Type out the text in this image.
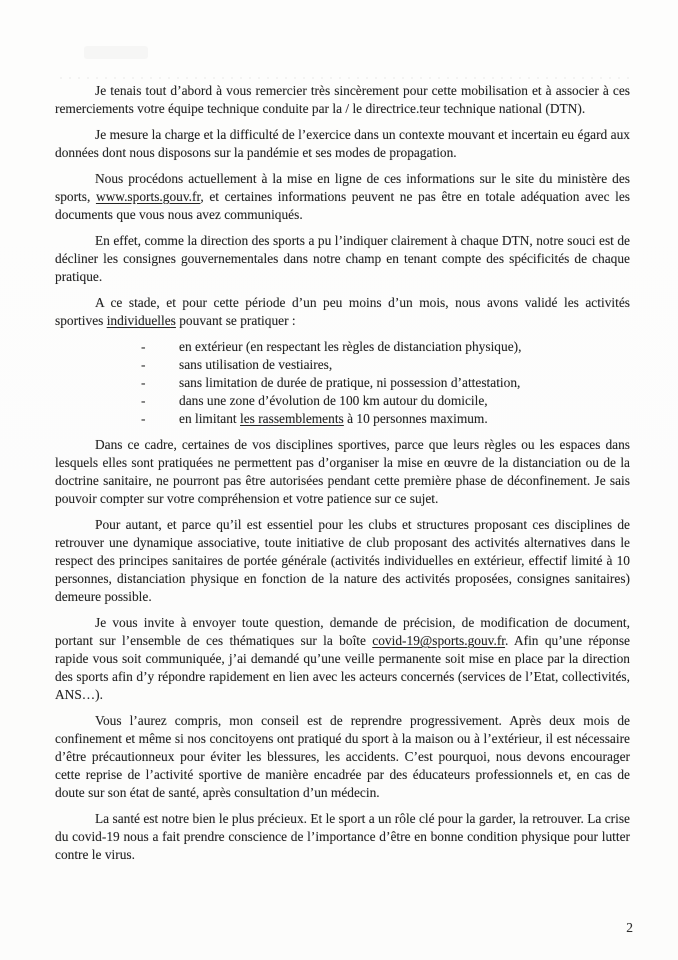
Je tenais tout d’abord à vous remercier très sincèrement pour cette mobilisation et à associer à ces remerciements votre équipe technique conduite par la / le directrice.teur technique national (DTN).

Je mesure la charge et la difficulté de l’exercice dans un contexte mouvant et incertain eu égard aux données dont nous disposons sur la pandémie et ses modes de propagation.

Nous procédons actuellement à la mise en ligne de ces informations sur le site du ministère des sports, www.sports.gouv.fr, et certaines informations peuvent ne pas être en totale adéquation avec les documents que vous nous avez communiqués.

En effet, comme la direction des sports a pu l’indiquer clairement à chaque DTN, notre souci est de décliner les consignes gouvernementales dans notre champ en tenant compte des spécificités de chaque pratique.

A ce stade, et pour cette période d’un peu moins d’un mois, nous avons validé les activités sportives individuelles pouvant se pratiquer :

-	en extérieur (en respectant les règles de distanciation physique),
-	sans utilisation de vestiaires,
-	sans limitation de durée de pratique, ni possession d’attestation,
-	dans une zone d’évolution de 100 km autour du domicile,
-	en limitant les rassemblements à 10 personnes maximum.

Dans ce cadre, certaines de vos disciplines sportives, parce que leurs règles ou les espaces dans lesquels elles sont pratiquées ne permettent pas d’organiser la mise en œuvre de la distanciation ou de la doctrine sanitaire, ne pourront pas être autorisées pendant cette première phase de déconfinement. Je sais pouvoir compter sur votre compréhension et votre patience sur ce sujet.

Pour autant, et parce qu’il est essentiel pour les clubs et structures proposant ces disciplines de retrouver une dynamique associative, toute initiative de club proposant des activités alternatives dans le respect des principes sanitaires de portée générale (activités individuelles en extérieur, effectif limité à 10 personnes, distanciation physique en fonction de la nature des activités proposées, consignes sanitaires) demeure possible.

Je vous invite à envoyer toute question, demande de précision, de modification de document, portant sur l’ensemble de ces thématiques sur la boîte covid-19@sports.gouv.fr. Afin qu’une réponse rapide vous soit communiquée, j’ai demandé qu’une veille permanente soit mise en place par la direction des sports afin d’y répondre rapidement en lien avec les acteurs concernés (services de l’Etat, collectivités, ANS…).

Vous l’aurez compris, mon conseil est de reprendre progressivement. Après deux mois de confinement et même si nos concitoyens ont pratiqué du sport à la maison ou à l’extérieur, il est nécessaire d’être précautionneux pour éviter les blessures, les accidents. C’est pourquoi, nous devons encourager cette reprise de l’activité sportive de manière encadrée par des éducateurs professionnels et, en cas de doute sur son état de santé, après consultation d’un médecin.

La santé est notre bien le plus précieux. Et le sport a un rôle clé pour la garder, la retrouver. La crise du covid-19 nous a fait prendre conscience de l’importance d’être en bonne condition physique pour lutter contre le virus.

2
